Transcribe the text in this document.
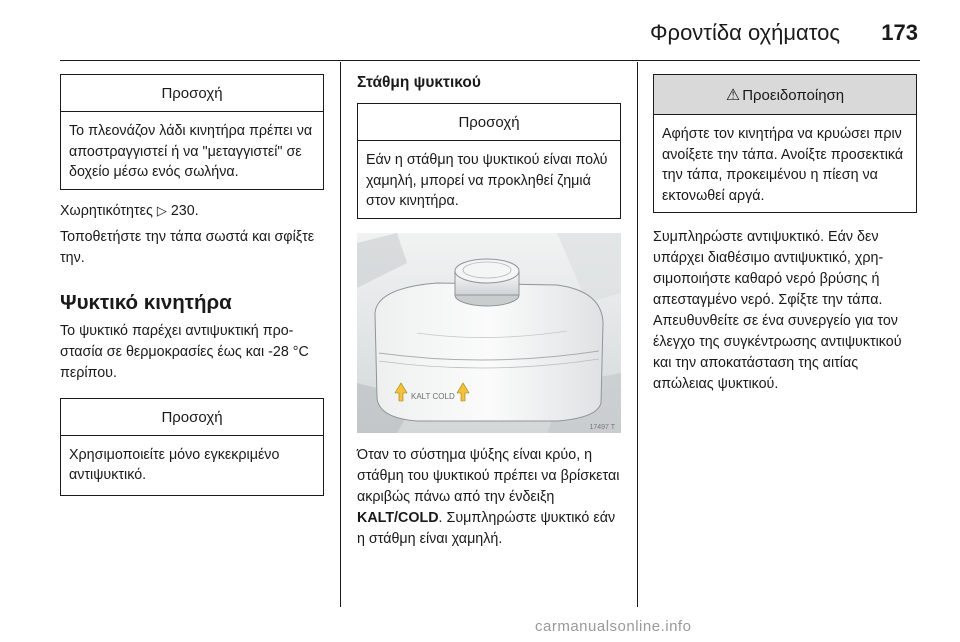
Φροντίδα οχήματος 173
Προσοχή
Το πλεονάζον λάδι κινητήρα πρέπει να αποστραγγιστεί ή να "μεταγγιστεί" σε δοχείο μέσω ενός σωλήνα.

Χωρητικότητες ▷ 230.

Τοποθετήστε την τάπα σωστά και σφίξτε την.

Ψυκτικό κινητήρα

Το ψυκτικό παρέχει αντιψυκτική προστασία σε θερμοκρασίες έως και -28 °C περίπου.

Προσοχή
Χρησιμοποιείτε μόνο εγκεκριμένο αντιψυκτικό.
Στάθμη ψυκτικού
Προσοχή
Εάν η στάθμη του ψυκτικού είναι πολύ χαμηλή, μπορεί να προκληθεί ζημιά στον κινητήρα.
KALT COLD
17497 T

Όταν το σύστημα ψύξης είναι κρύο, η στάθμη του ψυκτικού πρέπει να βρίσκεται ακριβώς πάνω από την ένδειξη KALT/COLD. Συμπληρώστε ψυκτικό εάν η στάθμη είναι χαμηλή.

⚠ Προειδοποίηση
Αφήστε τον κινητήρα να κρυώσει πριν ανοίξετε την τάπα. Ανοίξτε προσεκτικά την τάπα, προκειμένου η πίεση να εκτονωθεί αργά.

Συμπληρώστε αντιψυκτικό. Εάν δεν υπάρχει διαθέσιμο αντιψυκτικό, χρησιμοποιήστε καθαρό νερό βρύσης ή απεσταγμένο νερό. Σφίξτε την τάπα. Απευθυνθείτε σε ένα συνεργείο για τον έλεγχο της συγκέντρωσης αντιψυκτικού και την αποκατάσταση της αιτίας απώλειας ψυκτικού.

carmanualsonline.info
